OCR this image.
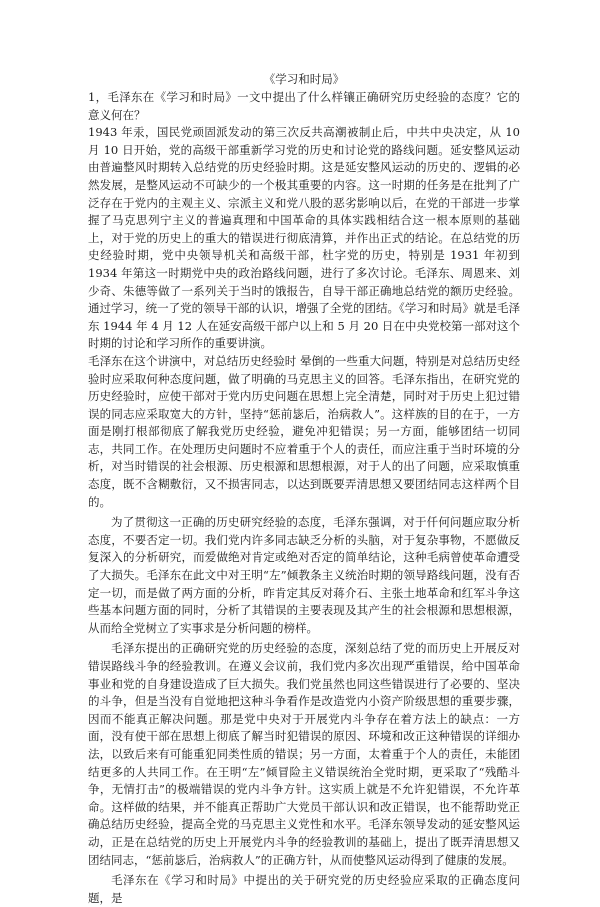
《学习和时局》

1，毛泽东在《学习和时局》一文中提出了什么样镶正确研究历史经验的态度？它的意义何在？

1943 年汞，国民党顽固派发动的第三次反共高潮被制止后，中共中央决定，从 10 月 10 日开始，党的高级干部重新学习党的历史和讨论党的路线问题。延安整风运动由普遍整风时期转入总结党的历史经验时期。这是延安整风运动的历史的、逻辑的必然发展，是整风运动不可缺少的一个极其重要的内容。这一时期的任务是在批判了广泛存在于党内的主观主义、宗派主义和党八股的恶劣影响以后，在党的干部进一步掌握了马克思列宁主义的普遍真理和中国革命的具体实践相结合这一根本原则的基础上，对于党的历史上的重大的错误进行彻底清算，并作出正式的结论。在总结党的历史经验时期，党中央领导机关和高级干部，杜字党的历史，特别是 1931 年初到 1934 年第这一时期党中央的政治路线问题，进行了多次讨论。毛泽东、周恩来、刘少奇、朱德等做了一系列关于当时的饿报告，自导干部正确地总结党的额历史经验。通过学习，统一了党的领导干部的认识，增强了全党的团结。《学习和时局》就是毛泽东 1944 年 4 月 12 人在延安高级干部户以上和 5 月 20 日在中央党校第一部对这个时期的讨论和学习所作的重要讲演。

毛泽东在这个讲演中，对总结历史经验时 晕倒的一些重大问题，特别是对总结历史经验时应采取何种态度问题，做了明确的马克思主义的回答。毛泽东指出，在研究党的历史经验时，应使干部对于党内历史问题在思想上完全清楚，同时对于历史上犯过错误的同志应采取宽大的方针，坚持“惩前毖后，治病救人”。这样族的目的在于，一方面是刚打根部彻底了解我党历史经验，避免冲犯错误；另一方面，能够团结一切同志，共同工作。在处理历史问题时不应着重于个人的责任，而应注重于当时环境的分析，对当时错误的社会根源、历史根源和思想根源，对于人的出了问题，应采取慎重态度，既不含糊敷衍，又不损害同志，以达到既要弄清思想又要团结同志这样两个目的。

为了贯彻这一正确的历史研究经验的态度，毛泽东强调，对于仟何问题应取分析态度，不要否定一切。我们党内许多同志缺乏分析的头脑，对于复杂事物，不愿做反复深入的分析研究，而爱做绝对肯定或绝对否定的简单结论，这种毛病曾使革命遭受了大损失。毛泽东在此文中对王明“左”倾教条主义统治时期的领导路线问题，没有否定一切，而是做了两方面的分析，昨肯定其反对蒋介石、主张土地革命和红军斗争这些基本问题方面的同时，分析了其错误的主要表现及其产生的社会根源和思想根源，从而给全党树立了实事求是分析问题的榜样。

毛泽东提出的正确研究党的历史经验的态度，深刻总结了党的而历史上开展反对错误路线斗争的经验教训。在遵义会议前，我们党内多次出现严重错误，给中国革命事业和党的自身建设造成了巨大损失。我们党虽然也同这些错误进行了必要的、坚决的斗争，但是当没有自觉地把这种斗争看作是改造党内小资产阶级思想的重要步骤，因而不能真正解决问题。那是党中央对于开展党内斗争存在着方法上的缺点：一方面，没有使干部在思想上彻底了解当时犯错误的原因、环境和改正这种错误的详细办法，以致后来有可能重犯同类性质的错误；另一方面，太着重于个人的责任，未能团结更多的人共同工作。在王明“左”倾冒险主义错误统治全党时期，更采取了“残酷斗争，无情打击”的极端错误的党内斗争方针。这实质上就是不允许犯错误，不允许革命。这样做的结果，并不能真正帮助广大党员干部认识和改正错误，也不能帮助党正确总结历史经验，提高全党的马克思主义党性和水平。毛泽东领导发动的延安整风运动，正是在总结党的历史上开展党内斗争的经验教训的基础上，提出了既弄清思想又团结同志，“惩前毖后，治病救人”的正确方针，从而使整风运动得到了健康的发展。

毛泽东在《学习和时局》中提出的关于研究党的历史经验应采取的正确态度问题，是
